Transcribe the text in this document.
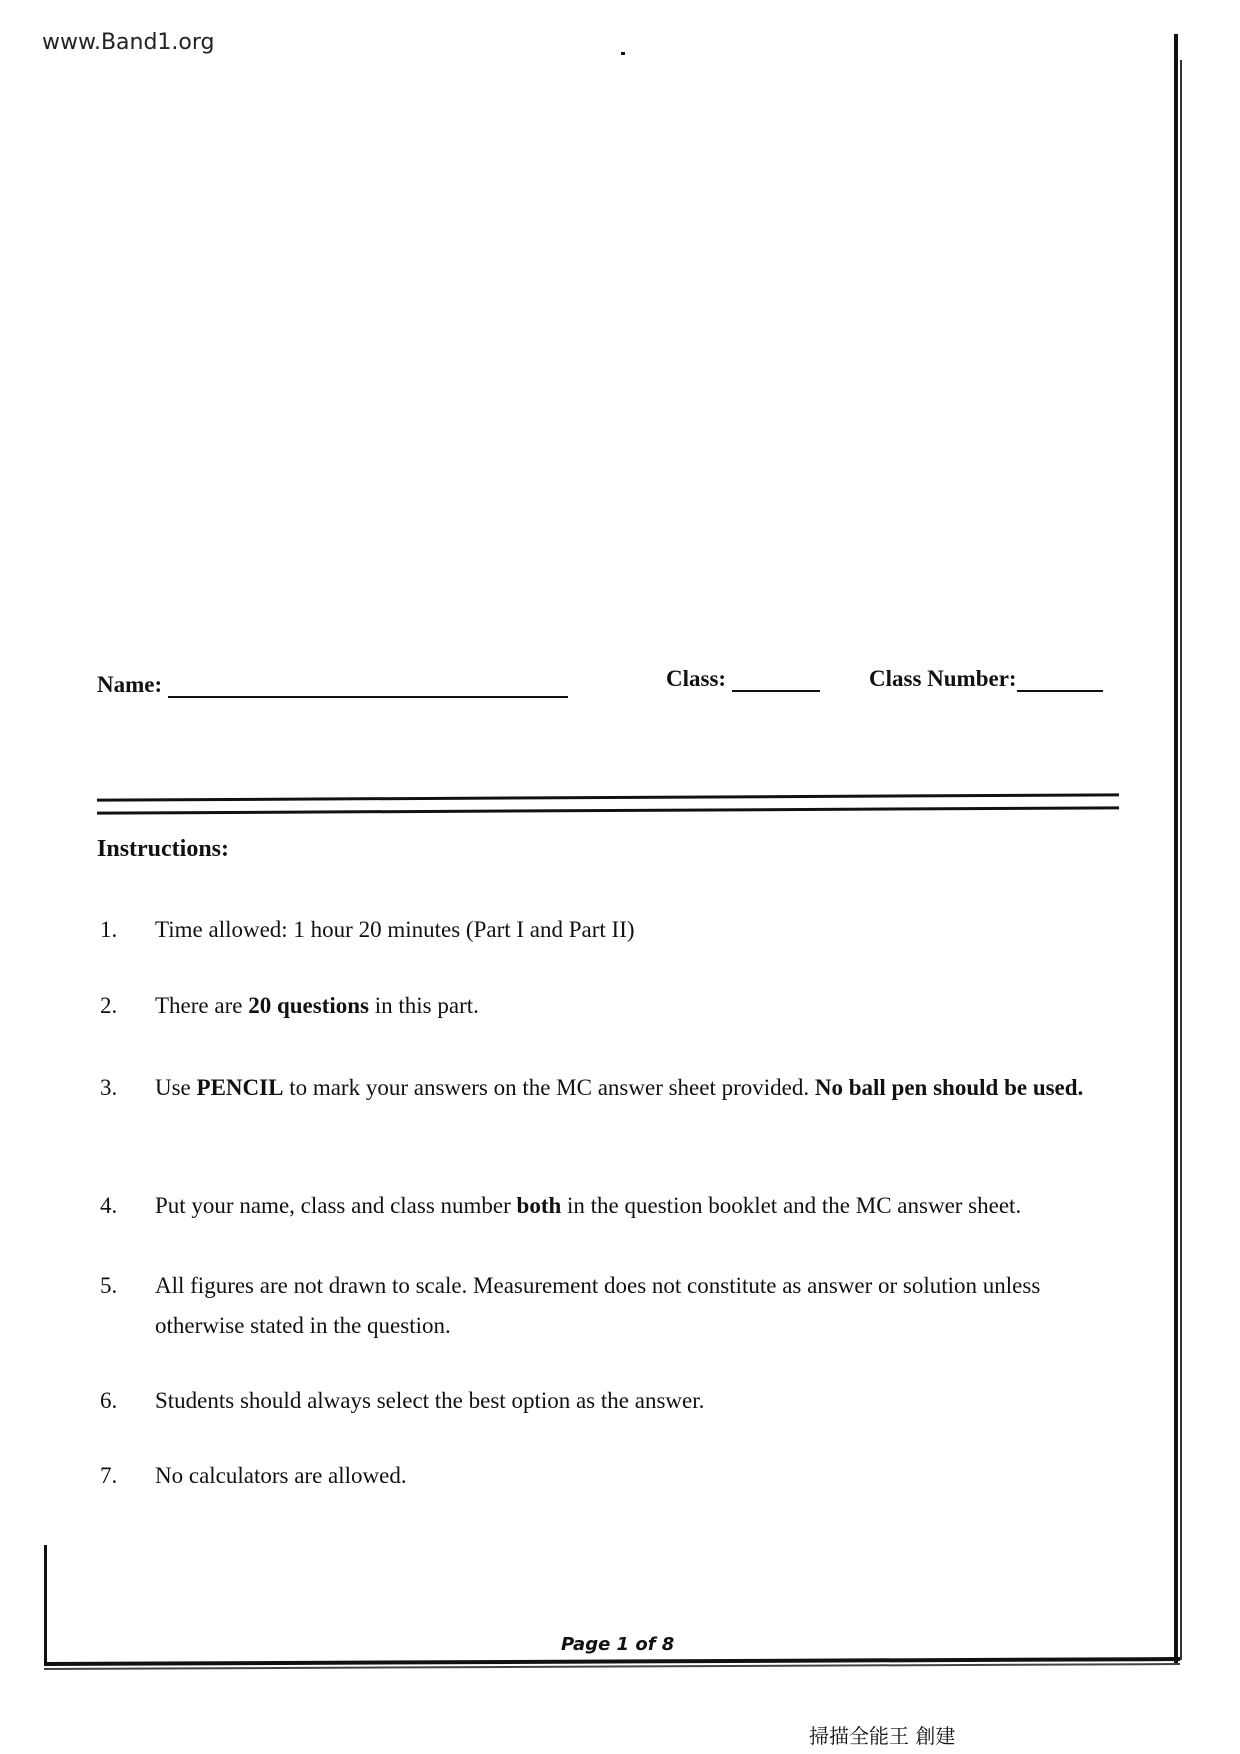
www.Band1.org
Name:	Class:	Class Number:
Instructions:
1.	Time allowed: 1 hour 20 minutes (Part I and Part II)
2.	There are 20 questions in this part.
3.	Use PENCIL to mark your answers on the MC answer sheet provided. No ball pen should be used.
4.	Put your name, class and class number both in the question booklet and the MC answer sheet.
5.	All figures are not drawn to scale. Measurement does not constitute as answer or solution unless otherwise stated in the question.
6.	Students should always select the best option as the answer.
7.	No calculators are allowed.
Page 1 of 8
掃描全能王 創建
